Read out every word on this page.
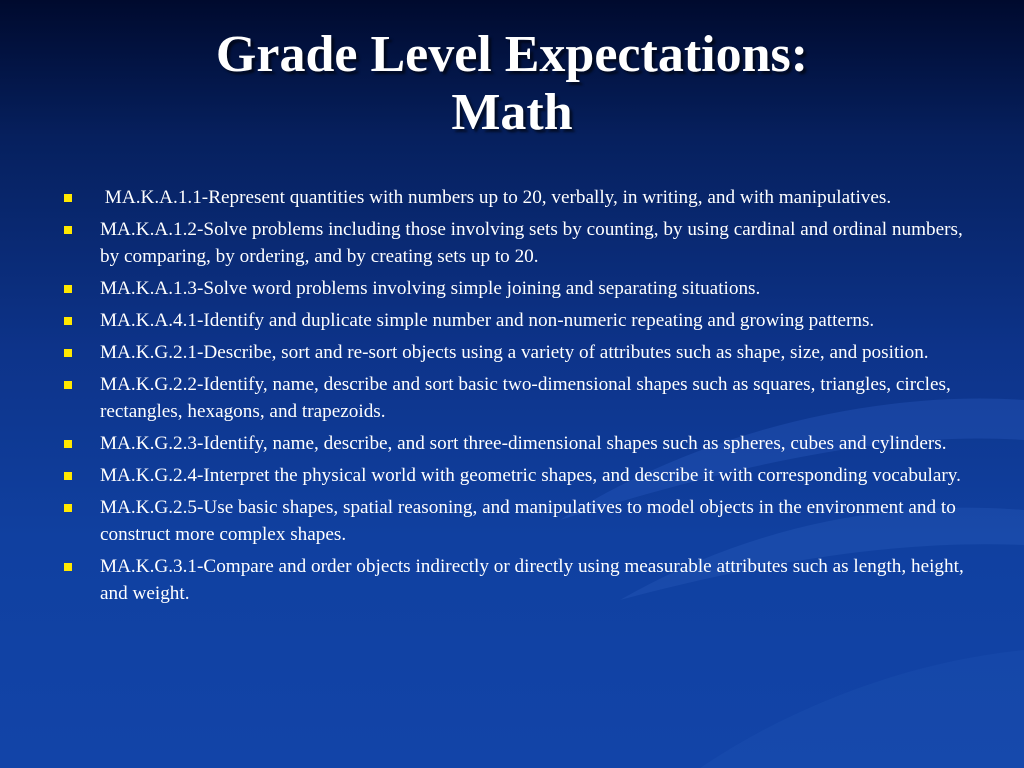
Grade Level Expectations:
Math
MA.K.A.1.1-Represent quantities with numbers up to 20, verbally, in writing, and with manipulatives.
MA.K.A.1.2-Solve problems including those involving sets by counting, by using cardinal and ordinal numbers, by comparing, by ordering, and by creating sets up to 20.
MA.K.A.1.3-Solve word problems involving simple joining and separating situations.
MA.K.A.4.1-Identify and duplicate simple number and non-numeric repeating and growing patterns.
MA.K.G.2.1-Describe, sort and re-sort objects using a variety of attributes such as shape, size, and position.
MA.K.G.2.2-Identify, name, describe and sort basic two-dimensional shapes such as squares, triangles, circles, rectangles, hexagons, and trapezoids.
MA.K.G.2.3-Identify, name, describe, and sort three-dimensional shapes such as spheres, cubes and cylinders.
MA.K.G.2.4-Interpret the physical world with geometric shapes, and describe it with corresponding vocabulary.
MA.K.G.2.5-Use basic shapes, spatial reasoning, and manipulatives to model objects in the environment and to construct more complex shapes.
MA.K.G.3.1-Compare and order objects indirectly or directly using measurable attributes such as length, height, and weight.
